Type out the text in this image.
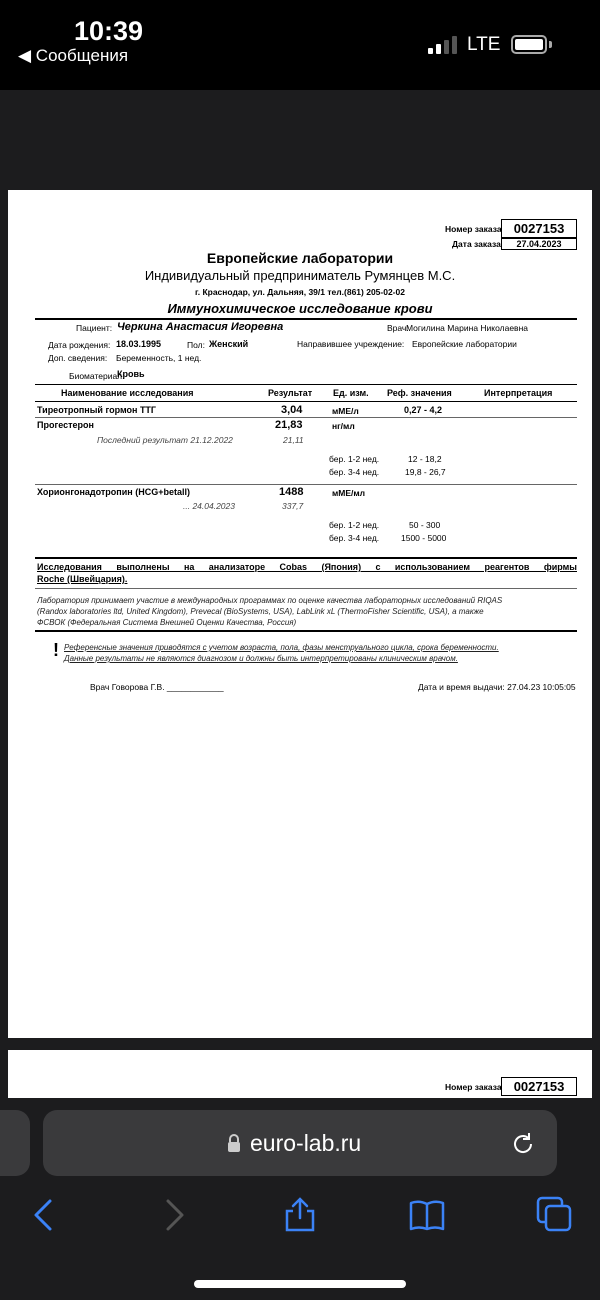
10:39
◀ Сообщения
LTE
Номер заказа 0027153
Дата заказа	27.04.2023
Европейские лаборатории
Индивидуальный предприниматель Румянцев М.С.
г. Краснодар, ул. Дальняя, 39/1 тел.(861) 205-02-02
Иммунохимическое исследование крови
Пациент: Черкина Анастасия Игоревна	Врач:
Могилина Марина Николаевна
Дата рождения: 18.03.1995	Пол: Женский	Направившее учреждение: Европейские лаборатории
Доп. сведения: Беременность, 1 нед.
Биоматериал:
Кровь
Наименование исследования	Результат Ед. изм. Реф. значения	Интерпретация
Тиреотропный гормон ТТГ	3,04	мМЕ/л	0,27 - 4,2
Прогестерон	21,83	нг/мл
Последний результат 21.12.2022	21,11
бер. 1-2 нед.	12 - 18,2
бер. 3-4 нед.	19,8 - 26,7
Хорионгонадотропин (HCG+betall)	1488	мМЕ/мл
... 24.04.2023	337,7
бер. 1-2 нед.	50 - 300
бер. 3-4 нед.	1500 - 5000
Исследования выполнены на анализаторе Cobas (Япония) с использованием реагентов фирмы
Roche (Швейцария).
Лаборатория принимает участие в международных программах по оценке качества лабораторных исследований RIQAS
(Randox laboratories ltd, United Kingdom), Prevecal (BioSystems, USA), LabLink xL (ThermoFisher Scientific, USA), а также
ФСВОК (Федеральная Система Внешней Оценки Качества, Россия)
! Референсные значения приводятся с учетом возраста, пола, фазы менструального цикла, срока беременности.
Данные результаты не являются диагнозом и должны быть интерпретированы клиническим врачом.
Врач Говорова Г.В. ____________	Дата и время выдачи: 27.04.23 10:05:05
Номер заказа 0027153
euro-lab.ru
